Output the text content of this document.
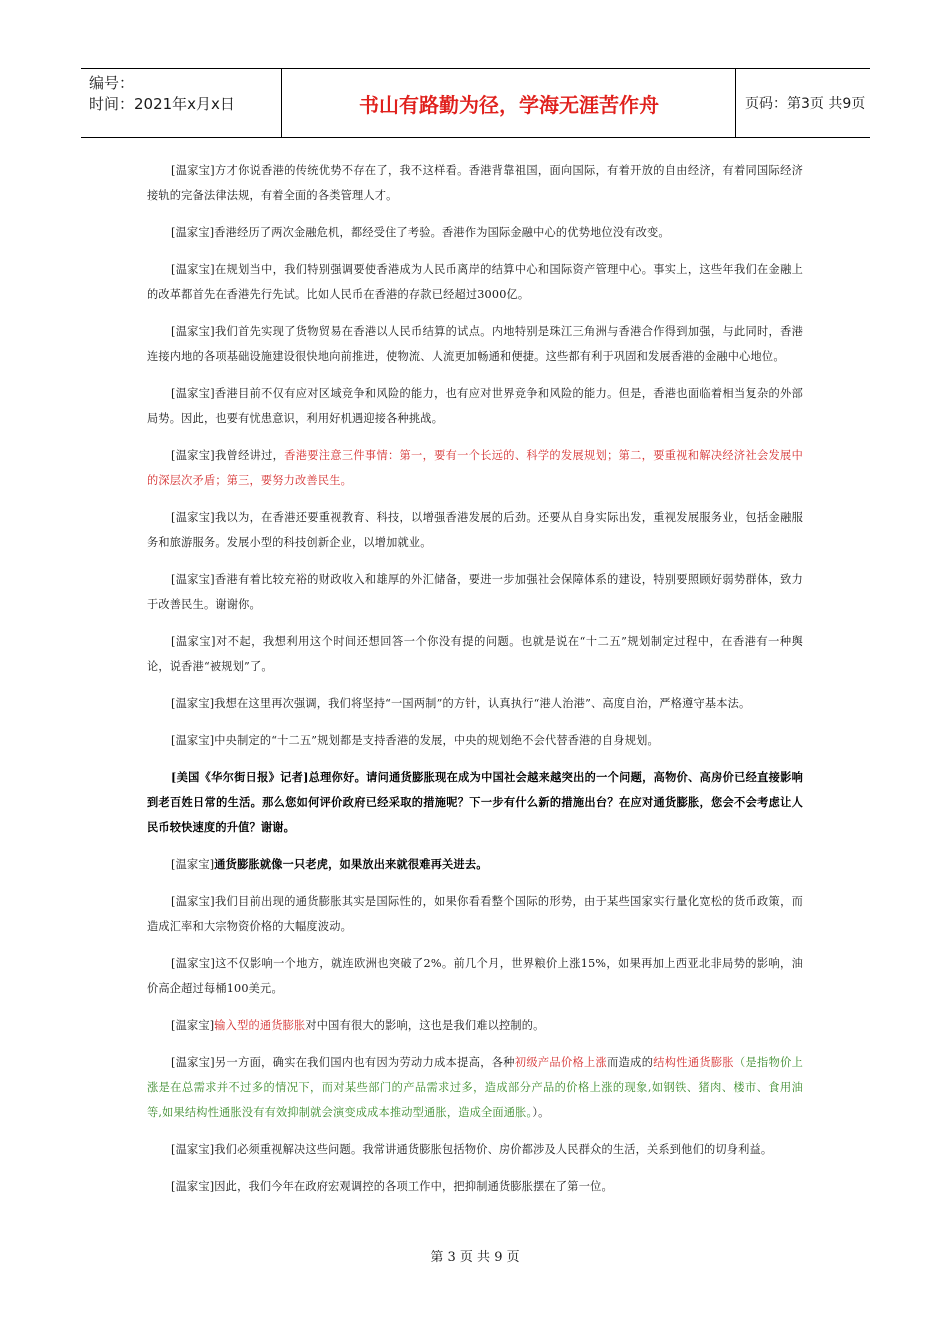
编号：
时间：2021年x月x日	书山有路勤为径，学海无涯苦作舟	页码：第3页 共9页

[温家宝]方才你说香港的传统优势不存在了，我不这样看。香港背靠祖国，面向国际，有着开放的自由经济，有着同国际经济接轨的完备法律法规，有着全面的各类管理人才。

[温家宝]香港经历了两次金融危机，都经受住了考验。香港作为国际金融中心的优势地位没有改变。

[温家宝]在规划当中，我们特别强调要使香港成为人民币离岸的结算中心和国际资产管理中心。事实上，这些年我们在金融上的改革都首先在香港先行先试。比如人民币在香港的存款已经超过3000亿。

[温家宝]我们首先实现了货物贸易在香港以人民币结算的试点。内地特别是珠江三角洲与香港合作得到加强，与此同时，香港连接内地的各项基础设施建设很快地向前推进，使物流、人流更加畅通和便捷。这些都有利于巩固和发展香港的金融中心地位。

[温家宝]香港目前不仅有应对区域竞争和风险的能力，也有应对世界竞争和风险的能力。但是，香港也面临着相当复杂的外部局势。因此，也要有忧患意识，利用好机遇迎接各种挑战。

[温家宝]我曾经讲过，香港要注意三件事情：第一，要有一个长远的、科学的发展规划；第二，要重视和解决经济社会发展中的深层次矛盾；第三，要努力改善民生。

[温家宝]我以为，在香港还要重视教育、科技，以增强香港发展的后劲。还要从自身实际出发，重视发展服务业，包括金融服务和旅游服务。发展小型的科技创新企业，以增加就业。

[温家宝]香港有着比较充裕的财政收入和雄厚的外汇储备，要进一步加强社会保障体系的建设，特别要照顾好弱势群体，致力于改善民生。谢谢你。

[温家宝]对不起，我想利用这个时间还想回答一个你没有提的问题。也就是说在“十二五”规划制定过程中，在香港有一种舆论，说香港“被规划”了。

[温家宝]我想在这里再次强调，我们将坚持“一国两制”的方针，认真执行“港人治港”、高度自治，严格遵守基本法。

[温家宝]中央制定的“十二五”规划都是支持香港的发展，中央的规划绝不会代替香港的自身规划。

[美国《华尔街日报》记者]总理你好。请问通货膨胀现在成为中国社会越来越突出的一个问题，高物价、高房价已经直接影响到老百姓日常的生活。那么您如何评价政府已经采取的措施呢？下一步有什么新的措施出台？在应对通货膨胀，您会不会考虑让人民币较快速度的升值？谢谢。

[温家宝]通货膨胀就像一只老虎，如果放出来就很难再关进去。

[温家宝]我们目前出现的通货膨胀其实是国际性的，如果你看看整个国际的形势，由于某些国家实行量化宽松的货币政策，而造成汇率和大宗物资价格的大幅度波动。

[温家宝]这不仅影响一个地方，就连欧洲也突破了2%。前几个月，世界粮价上涨15%，如果再加上西亚北非局势的影响，油价高企超过每桶100美元。

[温家宝]输入型的通货膨胀对中国有很大的影响，这也是我们难以控制的。

[温家宝]另一方面，确实在我们国内也有因为劳动力成本提高，各种初级产品价格上涨而造成的结构性通货膨胀（是指物价上涨是在总需求并不过多的情况下，而对某些部门的产品需求过多，造成部分产品的价格上涨的现象,如钢铁、猪肉、楼市、食用油等,如果结构性通胀没有有效抑制就会演变成成本推动型通胀，造成全面通胀。）。

[温家宝]我们必须重视解决这些问题。我常讲通货膨胀包括物价、房价都涉及人民群众的生活，关系到他们的切身利益。

[温家宝]因此，我们今年在政府宏观调控的各项工作中，把抑制通货膨胀摆在了第一位。

第 3 页 共 9 页
